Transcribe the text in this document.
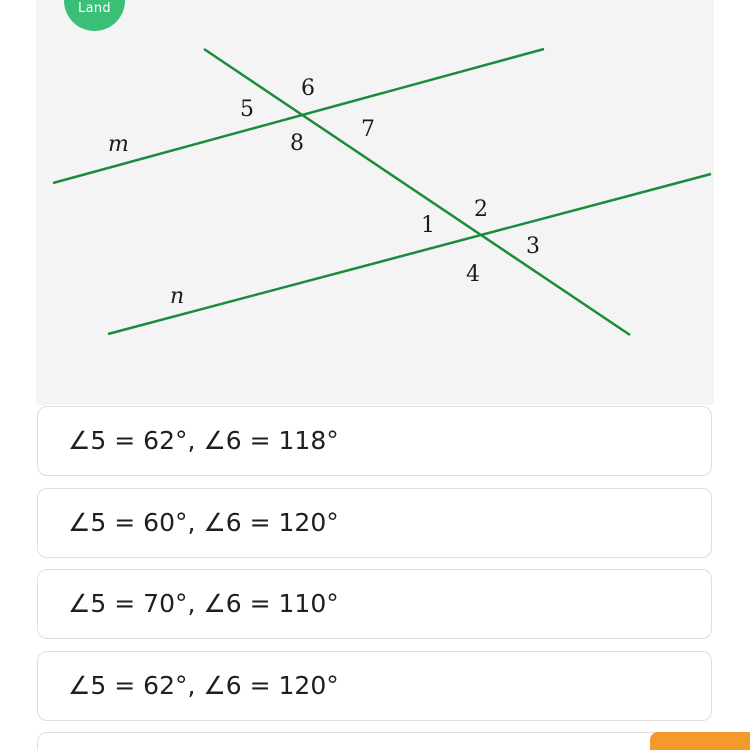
Land
m
n
5
6
7
8
1
2
3
4
∠5 = 62°, ∠6 = 118°
∠5 = 60°, ∠6 = 120°
∠5 = 70°, ∠6 = 110°
∠5 = 62°, ∠6 = 120°
